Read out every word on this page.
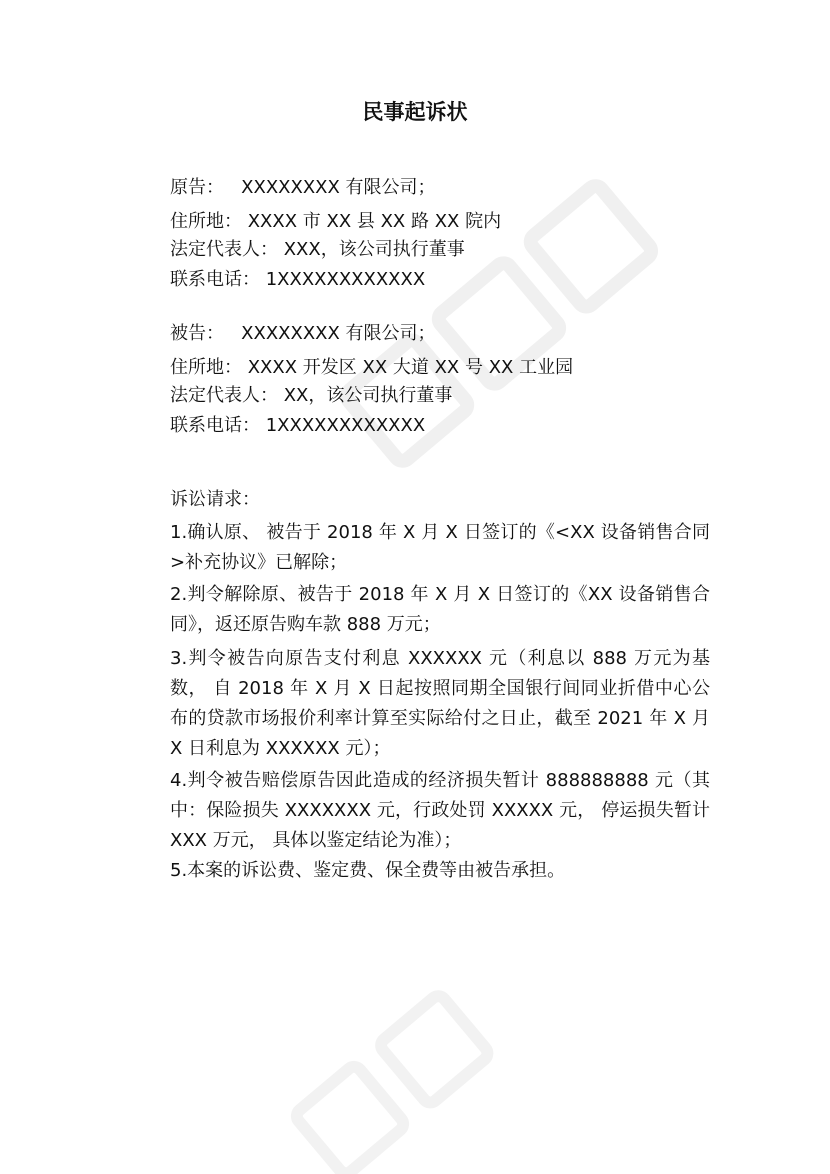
民事起诉状
原告： XXXXXXXX 有限公司；
住所地： XXXX 市 XX 县 XX 路 XX 院内
法定代表人： XXX，该公司执行董事
联系电话： 1XXXXXXXXXXXX
被告： XXXXXXXX 有限公司；
住所地： XXXX 开发区 XX 大道 XX 号 XX 工业园
法定代表人： XX，该公司执行董事
联系电话： 1XXXXXXXXXXXX
诉讼请求：
1.确认原、 被告于 2018 年 X 月 X 日签订的《<XX 设备销售合同>补充协议》已解除；
2.判令解除原、被告于 2018 年 X 月 X 日签订的《XX 设备销售合同》，返还原告购车款 888 万元；
3.判令被告向原告支付利息 XXXXXX 元（利息以 888 万元为基数， 自 2018 年 X 月 X 日起按照同期全国银行间同业折借中心公布的贷款市场报价利率计算至实际给付之日止，截至 2021 年 X 月 X 日利息为 XXXXXX 元）；
4.判令被告赔偿原告因此造成的经济损失暂计 888888888 元（其中：保险损失 XXXXXXX 元，行政处罚 XXXXX 元， 停运损失暂计 XXX 万元， 具体以鉴定结论为准）；
5.本案的诉讼费、鉴定费、保全费等由被告承担。
